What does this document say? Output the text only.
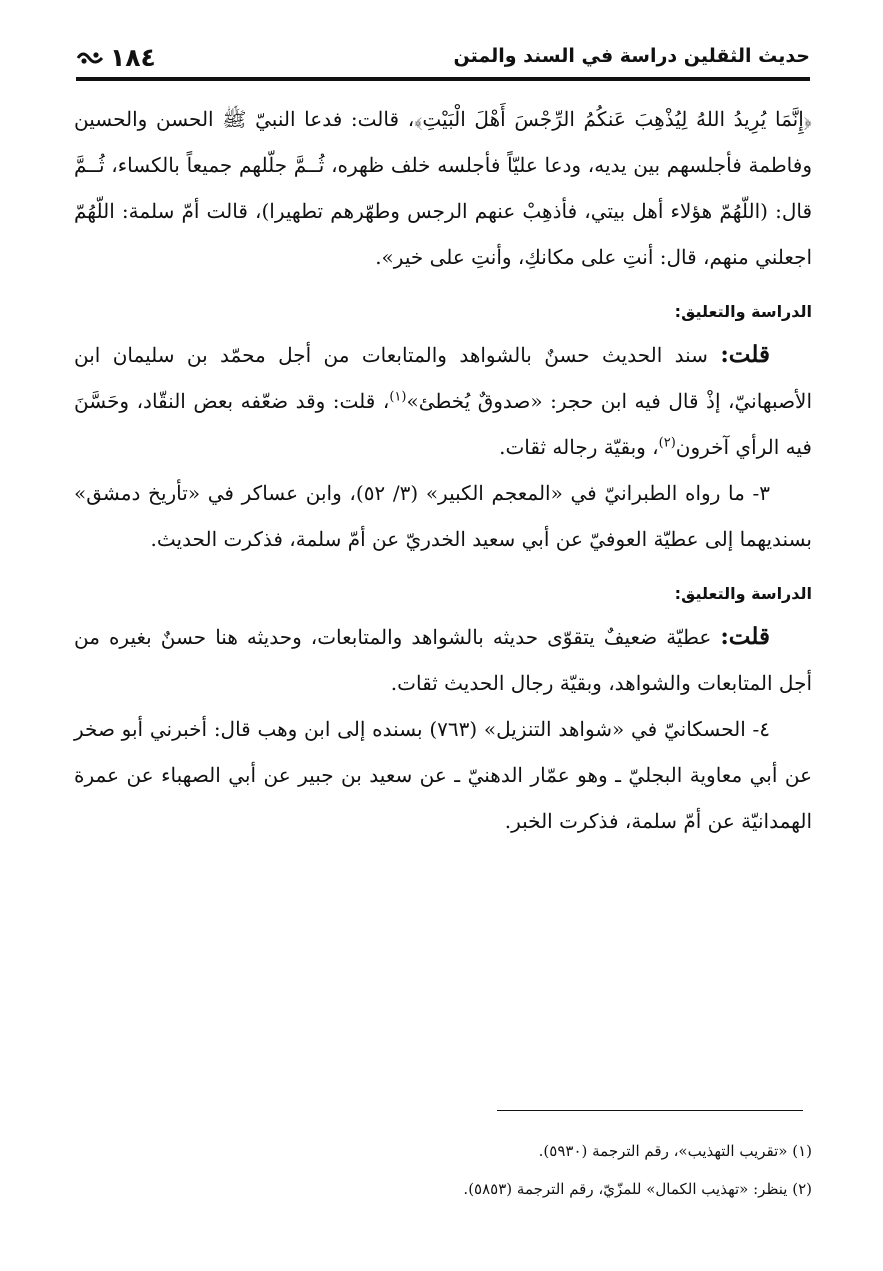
حديث الثقلين دراسة في السند والمتن
١٨٤

﴿إِنَّمَا يُرِيدُ اللهُ لِيُذْهِبَ عَنكُمُ الرِّجْسَ أَهْلَ الْبَيْتِ﴾، قالت: فدعا النبيّ ﷺ الحسن والحسين وفاطمة فأجلسهم بين يديه، ودعا عليّاً فأجلسه خلف ظهره، ثُــمَّ جلّلهم جميعاً بالكساء، ثُــمَّ قال: (اللّهُمّ هؤلاء أهل بيتي، فأذهِبْ عنهم الرجس وطهّرهم تطهيرا)، قالت أمّ سلمة: اللّهُمّ اجعلني منهم، قال: أنتِ على مكانكِ، وأنتِ على خير».

الدراسة والتعليق:

قلت: سند الحديث حسنٌ بالشواهد والمتابعات من أجل محمّد بن سليمان ابن الأصبهانيّ، إذْ قال فيه ابن حجر: «صدوقٌ يُخطئ»$^{(١)}$، قلت: وقد ضعّفه بعض النقّاد، وحَسَّنَ فيه الرأي آخرون$^{(٢)}$، وبقيّة رجاله ثقات.

٣- ما رواه الطبرانيّ في «المعجم الكبير» (٣/ ٥٢)، وابن عساكر في «تأريخ دمشق» بسنديهما إلى عطيّة العوفيّ عن أبي سعيد الخدريّ عن أمّ سلمة، فذكرت الحديث.

الدراسة والتعليق:

قلت: عطيّة ضعيفٌ يتقوّى حديثه بالشواهد والمتابعات، وحديثه هنا حسنٌ بغيره من أجل المتابعات والشواهد، وبقيّة رجال الحديث ثقات.

٤- الحسكانيّ في «شواهد التنزيل» (٧٦٣) بسنده إلى ابن وهب قال: أخبرني أبو صخر عن أبي معاوية البجليّ ـ وهو عمّار الدهنيّ ـ عن سعيد بن جبير عن أبي الصهباء عن عمرة الهمدانيّة عن أمّ سلمة، فذكرت الخبر.

(١) «تقريب التهذيب»، رقم الترجمة (٥٩٣٠).

(٢) ينظر: «تهذيب الكمال» للمزّيّ، رقم الترجمة (٥٨٥٣).
